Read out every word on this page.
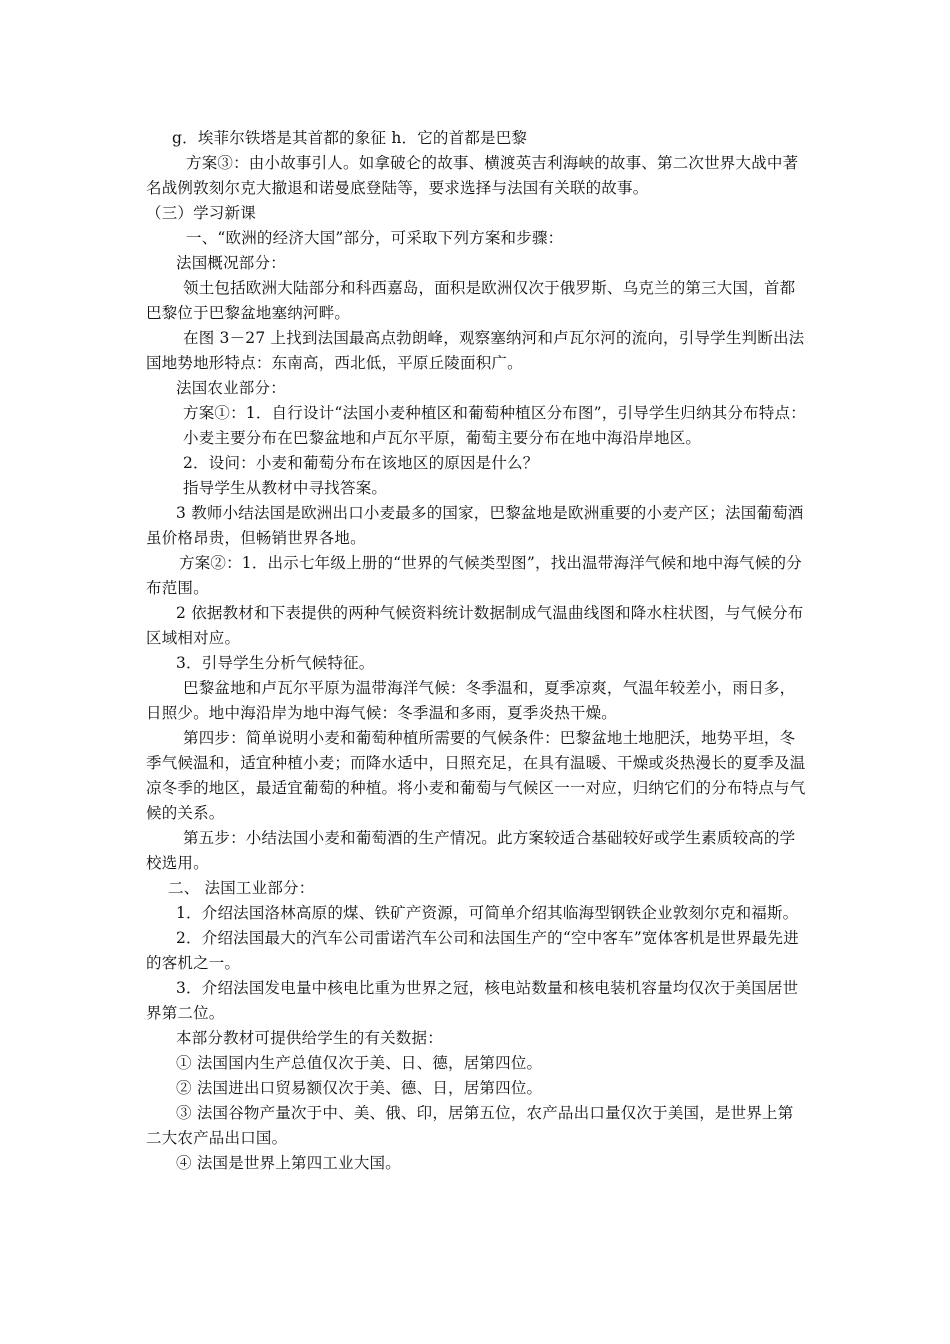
g．埃菲尔铁塔是其首都的象征 h．它的首都是巴黎

方案③：由小故事引人。如拿破仑的故事、横渡英吉利海峡的故事、第二次世界大战中著名战例敦刻尔克大撤退和诺曼底登陆等，要求选择与法国有关联的故事。

（三）学习新课

一、“欧洲的经济大国”部分，可采取下列方案和步骤：

法国概况部分：

领土包括欧洲大陆部分和科西嘉岛，面积是欧洲仅次于俄罗斯、乌克兰的第三大国，首都巴黎位于巴黎盆地塞纳河畔。

在图 3－27 上找到法国最高点勃朗峰，观察塞纳河和卢瓦尔河的流向，引导学生判断出法国地势地形特点：东南高，西北低，平原丘陵面积广。

法国农业部分：

方案①：1．自行设计“法国小麦种植区和葡萄种植区分布图”，引导学生归纳其分布特点：

小麦主要分布在巴黎盆地和卢瓦尔平原，葡萄主要分布在地中海沿岸地区。

2．设问：小麦和葡萄分布在该地区的原因是什么？

指导学生从教材中寻找答案。

3 教师小结法国是欧洲出口小麦最多的国家，巴黎盆地是欧洲重要的小麦产区；法国葡萄酒虽价格昂贵，但畅销世界各地。

方案②：1．出示七年级上册的“世界的气候类型图”，找出温带海洋气候和地中海气候的分布范围。

2 依据教材和下表提供的两种气候资料统计数据制成气温曲线图和降水柱状图，与气候分布区域相对应。

3．引导学生分析气候特征。

巴黎盆地和卢瓦尔平原为温带海洋气候：冬季温和，夏季凉爽，气温年较差小，雨日多，日照少。地中海沿岸为地中海气候：冬季温和多雨，夏季炎热干燥。

第四步：简单说明小麦和葡萄种植所需要的气候条件：巴黎盆地土地肥沃，地势平坦，冬季气候温和，适宜种植小麦；而降水适中，日照充足，在具有温暖、干燥或炎热漫长的夏季及温凉冬季的地区，最适宜葡萄的种植。将小麦和葡萄与气候区一一对应，归纳它们的分布特点与气候的关系。

第五步：小结法国小麦和葡萄酒的生产情况。此方案较适合基础较好或学生素质较高的学校选用。

二、 法国工业部分：

1．介绍法国洛林高原的煤、铁矿产资源，可简单介绍其临海型钢铁企业敦刻尔克和福斯。

2．介绍法国最大的汽车公司雷诺汽车公司和法国生产的“空中客车”宽体客机是世界最先进的客机之一。

3．介绍法国发电量中核电比重为世界之冠，核电站数量和核电装机容量均仅次于美国居世界第二位。

本部分教材可提供给学生的有关数据：

① 法国国内生产总值仅次于美、日、德，居第四位。

② 法国进出口贸易额仅次于美、德、日，居第四位。

③ 法国谷物产量次于中、美、俄、印，居第五位，农产品出口量仅次于美国，是世界上第二大农产品出口国。

④ 法国是世界上第四工业大国。
